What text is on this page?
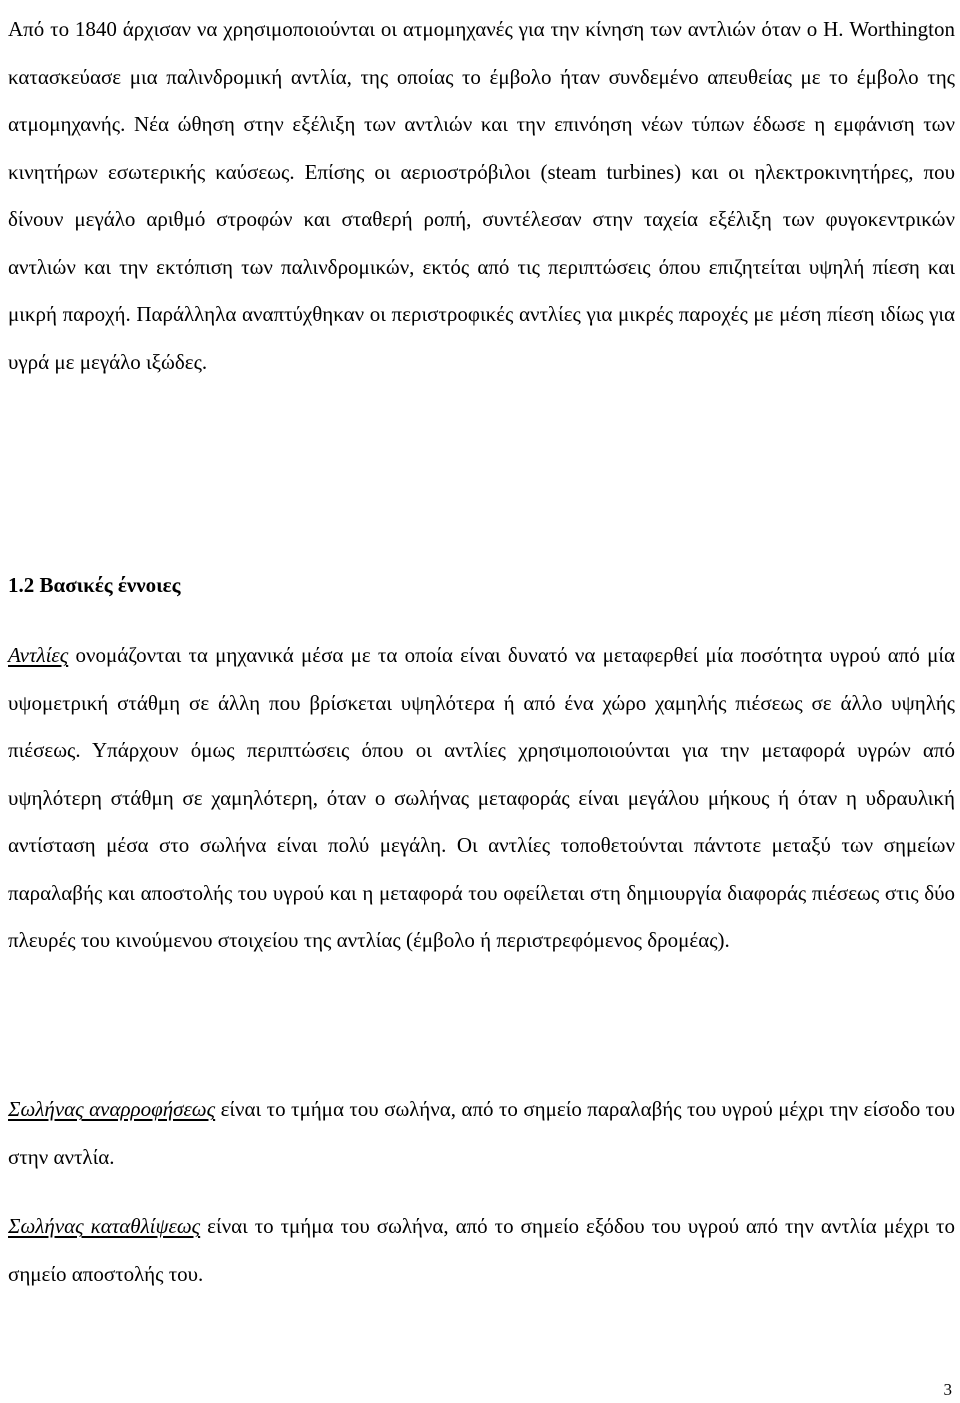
Από το 1840 άρχισαν να χρησιμοποιούνται οι ατμομηχανές για την κίνηση των αντλιών όταν ο Η. Worthington κατασκεύασε μια παλινδρομική αντλία, της οποίας το έμβολο ήταν συνδεμένο απευθείας με το έμβολο της ατμομηχανής. Νέα ώθηση στην εξέλιξη των αντλιών και την επινόηση νέων τύπων έδωσε η εμφάνιση των κινητήρων εσωτερικής καύσεως. Επίσης οι αεριοστρόβιλοι (steam turbines) και οι ηλεκτροκινητήρες, που δίνουν μεγάλο αριθμό στροφών και σταθερή ροπή, συντέλεσαν στην ταχεία εξέλιξη των φυγοκεντρικών αντλιών και την εκτόπιση των παλινδρομικών, εκτός από τις περιπτώσεις όπου επιζητείται υψηλή πίεση και μικρή παροχή. Παράλληλα αναπτύχθηκαν οι περιστροφικές αντλίες για μικρές παροχές με μέση πίεση ιδίως για υγρά με μεγάλο ιξώδες.

1.2 Βασικές έννοιες

Αντλίες ονομάζονται τα μηχανικά μέσα με τα οποία είναι δυνατό να μεταφερθεί μία ποσότητα υγρού από μία υψομετρική στάθμη σε άλλη που βρίσκεται υψηλότερα ή από ένα χώρο χαμηλής πιέσεως σε άλλο υψηλής πιέσεως. Υπάρχουν όμως περιπτώσεις όπου οι αντλίες χρησιμοποιούνται για την μεταφορά υγρών από υψηλότερη στάθμη σε χαμηλότερη, όταν ο σωλήνας μεταφοράς είναι μεγάλου μήκους ή όταν η υδραυλική αντίσταση μέσα στο σωλήνα είναι πολύ μεγάλη. Οι αντλίες τοποθετούνται πάντοτε μεταξύ των σημείων παραλαβής και αποστολής του υγρού και η μεταφορά του οφείλεται στη δημιουργία διαφοράς πιέσεως στις δύο πλευρές του κινούμενου στοιχείου της αντλίας (έμβολο ή περιστρεφόμενος δρομέας).

Σωλήνας αναρροφήσεως είναι το τμήμα του σωλήνα, από το σημείο παραλαβής του υγρού μέχρι την είσοδο του στην αντλία.

Σωλήνας καταθλίψεως είναι το τμήμα του σωλήνα, από το σημείο εξόδου του υγρού από την αντλία μέχρι το σημείο αποστολής του.

3
